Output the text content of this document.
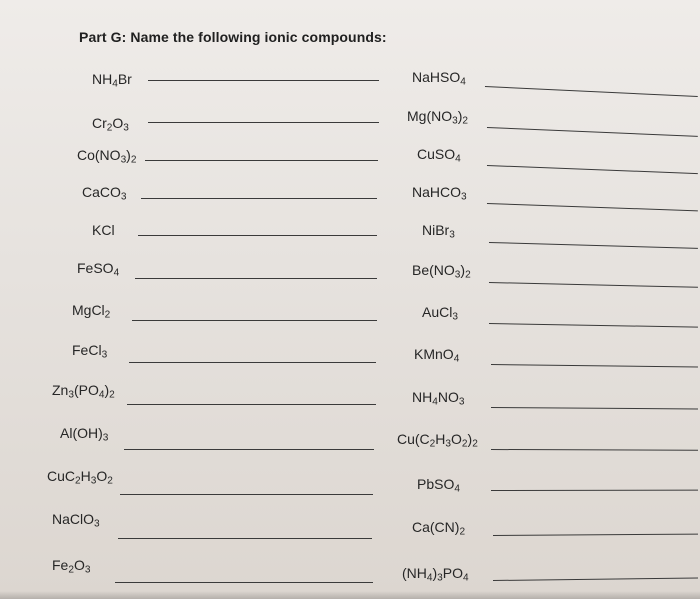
Part G: Name the following ionic compounds:
$NH_4Br$
$Cr_2O_3$
$Co(NO_3)_2$
CaCO$_3$
KCl
FeSO$_4$
MgCl$_2$
FeCl$_3$
$Zn_3(PO_4)_2$
$Al(OH)_3$
$CuC_2H_3O_2$
NaClO$_3$
$Fe_2O_3$
NaHSO$_4$
$Mg(NO_3)_2$
CuSO$_4$
NaHCO$_3$
NiBr$_3$
$Be(NO_3)_2$
AuCl$_3$
KMnO$_4$
$NH_4NO_3$
$Cu(C_2H_3O_2)_2$
PbSO$_4$
$Ca(CN)_2$
$(NH_4)_3PO_4$
